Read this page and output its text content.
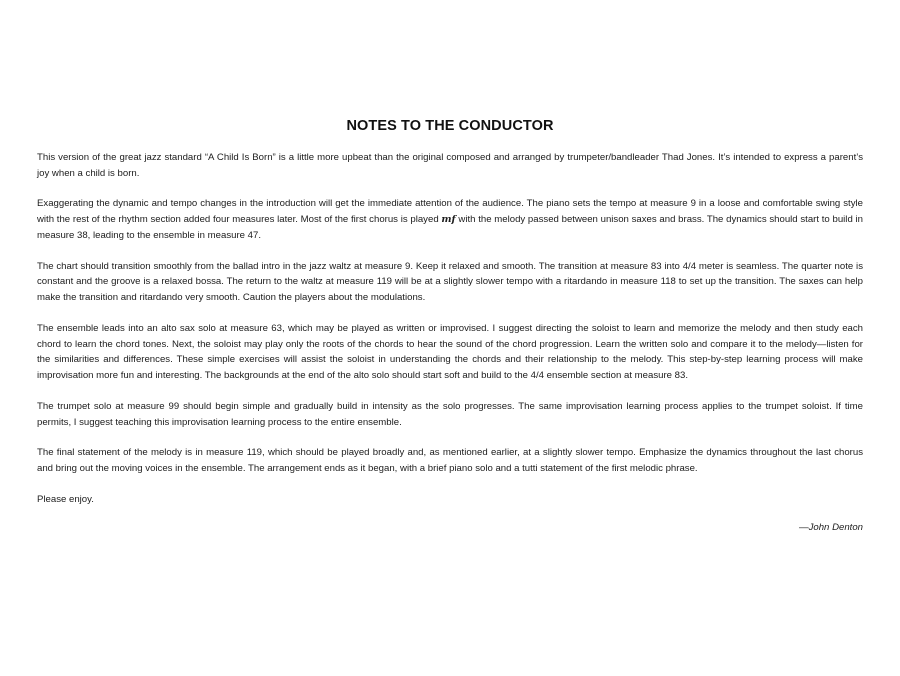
NOTES TO THE CONDUCTOR

This version of the great jazz standard “A Child Is Born” is a little more upbeat than the original composed and arranged by trumpeter/bandleader Thad Jones. It’s intended to express a parent’s joy when a child is born.

Exaggerating the dynamic and tempo changes in the introduction will get the immediate attention of the audience. The piano sets the tempo at measure 9 in a loose and comfortable swing style with the rest of the rhythm section added four measures later. Most of the first chorus is played mf with the melody passed between unison saxes and brass. The dynamics should start to build in measure 38, leading to the ensemble in measure 47.

The chart should transition smoothly from the ballad intro in the jazz waltz at measure 9. Keep it relaxed and smooth. The transition at measure 83 into 4/4 meter is seamless. The quarter note is constant and the groove is a relaxed bossa. The return to the waltz at measure 119 will be at a slightly slower tempo with a ritardando in measure 118 to set up the transition. The saxes can help make the transition and ritardando very smooth. Caution the players about the modulations.

The ensemble leads into an alto sax solo at measure 63, which may be played as written or improvised. I suggest directing the soloist to learn and memorize the melody and then study each chord to learn the chord tones. Next, the soloist may play only the roots of the chords to hear the sound of the chord progression. Learn the written solo and compare it to the melody—listen for the similarities and differences. These simple exercises will assist the soloist in understanding the chords and their relationship to the melody. This step-by-step learning process will make improvisation more fun and interesting. The backgrounds at the end of the alto solo should start soft and build to the 4/4 ensemble section at measure 83.

The trumpet solo at measure 99 should begin simple and gradually build in intensity as the solo progresses. The same improvisation learning process applies to the trumpet soloist. If time permits, I suggest teaching this improvisation learning process to the entire ensemble.

The final statement of the melody is in measure 119, which should be played broadly and, as mentioned earlier, at a slightly slower tempo. Emphasize the dynamics throughout the last chorus and bring out the moving voices in the ensemble. The arrangement ends as it began, with a brief piano solo and a tutti statement of the first melodic phrase.

Please enjoy.

—John Denton
